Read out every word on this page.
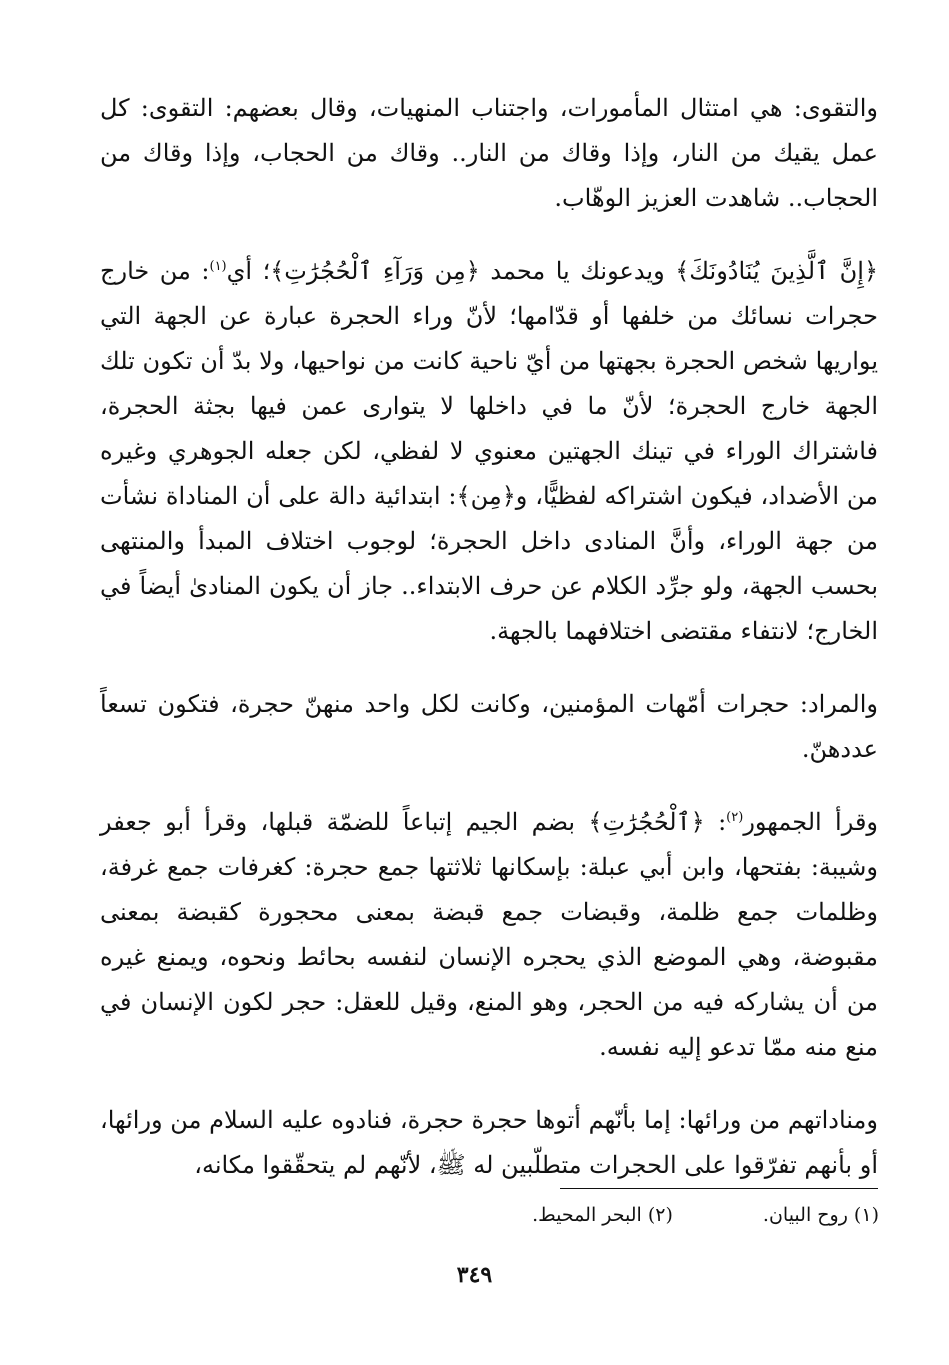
والتقوى: هي امتثال المأمورات، واجتناب المنهيات، وقال بعضهم: التقوى: كل عمل يقيك من النار، وإذا وقاك من النار.. وقاك من الحجاب، وإذا وقاك من الحجاب.. شاهدت العزيز الوهّاب.

﴿إِنَّ ٱلَّذِينَ يُنَادُونَكَ﴾ ويدعونك يا محمد ﴿مِن وَرَآءِ ٱلْحُجُرَٰتِ﴾؛ أي$^{(١)}$: من خارج حجرات نسائك من خلفها أو قدّامها؛ لأنّ وراء الحجرة عبارة عن الجهة التي يواريها شخص الحجرة بجهتها من أيّ ناحية كانت من نواحيها، ولا بدّ أن تكون تلك الجهة خارج الحجرة؛ لأنّ ما في داخلها لا يتوارى عمن فيها بجثة الحجرة، فاشتراك الوراء في تينك الجهتين معنوي لا لفظي، لكن جعله الجوهري وغيره من الأضداد، فيكون اشتراكه لفظيًّا، و﴿مِن﴾: ابتدائية دالة على أن المناداة نشأت من جهة الوراء، وأنَّ المنادى داخل الحجرة؛ لوجوب اختلاف المبدأ والمنتهى بحسب الجهة، ولو جرِّد الكلام عن حرف الابتداء.. جاز أن يكون المنادىٰ أيضاً في الخارج؛ لانتفاء مقتضى اختلافهما بالجهة.

والمراد: حجرات أمّهات المؤمنين، وكانت لكل واحد منهنّ حجرة، فتكون تسعاً عددهنّ.

وقرأ الجمهور$^{(٢)}$: ﴿ٱلْحُجُرَٰتِ﴾ بضم الجيم إتباعاً للضمّة قبلها، وقرأ أبو جعفر وشيبة: بفتحها، وابن أبي عبلة: بإسكانها ثلاثتها جمع حجرة: كغرفات جمع غرفة، وظلمات جمع ظلمة، وقبضات جمع قبضة بمعنى محجورة كقبضة بمعنى مقبوضة، وهي الموضع الذي يحجره الإنسان لنفسه بحائط ونحوه، ويمنع غيره من أن يشاركه فيه من الحجر، وهو المنع، وقيل للعقل: حجر لكون الإنسان في منع منه ممّا تدعو إليه نفسه.

ومناداتهم من ورائها: إما بأنّهم أتوها حجرة حجرة، فنادوه عليه السلام من ورائها، أو بأنهم تفرّقوا على الحجرات متطلّبين له ﷺ، لأنّهم لم يتحقّقوا مكانه،

(١) روح البيان.
(٢) البحر المحيط.
٣٤٩
